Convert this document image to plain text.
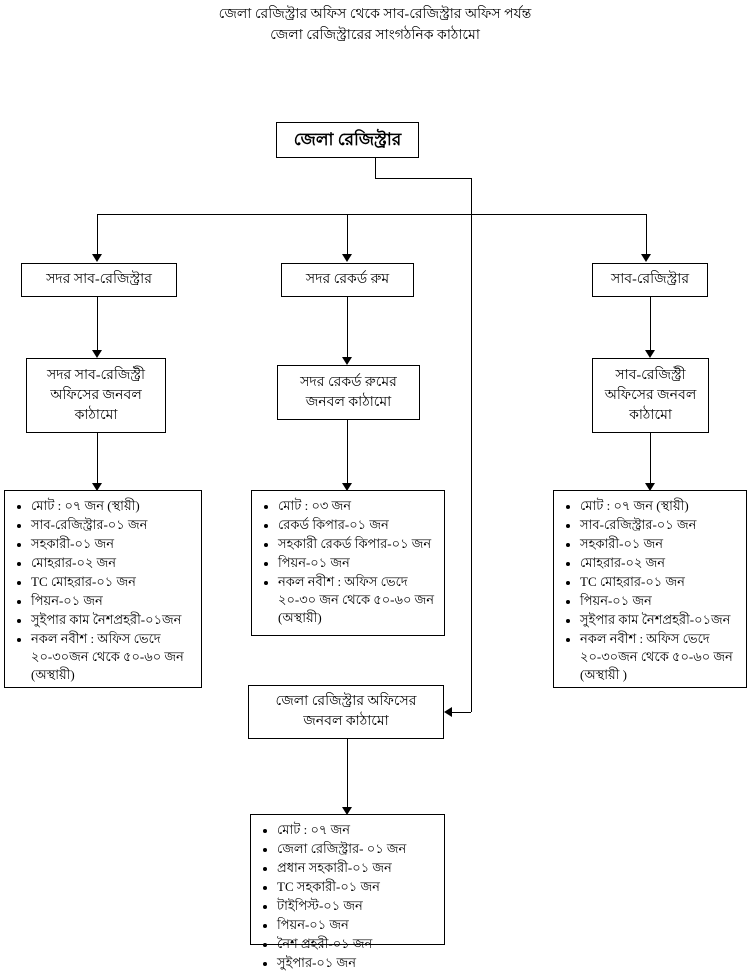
জেলা রেজিস্ট্রার অফিস থেকে সাব-রেজিস্ট্রার অফিস পর্যন্ত
জেলা রেজিস্ট্রারের সাংগঠনিক কাঠামো
জেলা রেজিস্ট্রার
সদর সাব-রেজিস্ট্রার	সদর রেকর্ড রুম	সাব-রেজিস্ট্রার
সদর সাব-রেজিস্ট্রী
অফিসের জনবল
কাঠামো
সদর রেকর্ড রুমের
জনবল কাঠামো
সাব-রেজিস্ট্রী
অফিসের জনবল
কাঠামো
• মোট : ০৭ জন (স্থায়ী)
• সাব-রেজিস্ট্রার-০১ জন
• সহকারী-০১ জন
• মোহরার-০২ জন
• TC মোহরার-০১ জন
• পিয়ন-০১ জন
• সুইপার কাম নৈশপ্রহরী-০১জন
• নকল নবীশ : অফিস ভেদে ২০-৩০জন থেকে ৫০-৬০ জন (অস্থায়ী)
• মোট : ০৩ জন
• রেকর্ড কিপার-০১ জন
• সহকারী রেকর্ড কিপার-০১ জন
• পিয়ন-০১ জন
• নকল নবীশ : অফিস ভেদে ২০-৩০ জন থেকে ৫০-৬০ জন (অস্থায়ী)
• মোট : ০৭ জন (স্থায়ী)
• সাব-রেজিস্ট্রার-০১ জন
• সহকারী-০১ জন
• মোহরার-০২ জন
• TC মোহরার-০১ জন
• পিয়ন-০১ জন
• সুইপার কাম নৈশপ্রহরী-০১জন
• নকল নবীশ : অফিস ভেদে ২০-৩০জন থেকে ৫০-৬০ জন (অস্থায়ী )
জেলা রেজিস্ট্রার অফিসের
জনবল কাঠামো
• মোট : ০৭ জন
• জেলা রেজিস্ট্রার- ০১ জন
• প্রধান সহকারী-০১ জন
• TC সহকারী-০১ জন
• টাইপিস্ট-০১ জন
• পিয়ন-০১ জন
• নৈশ প্রহরী-০১ জন
• সুইপার-০১ জন
